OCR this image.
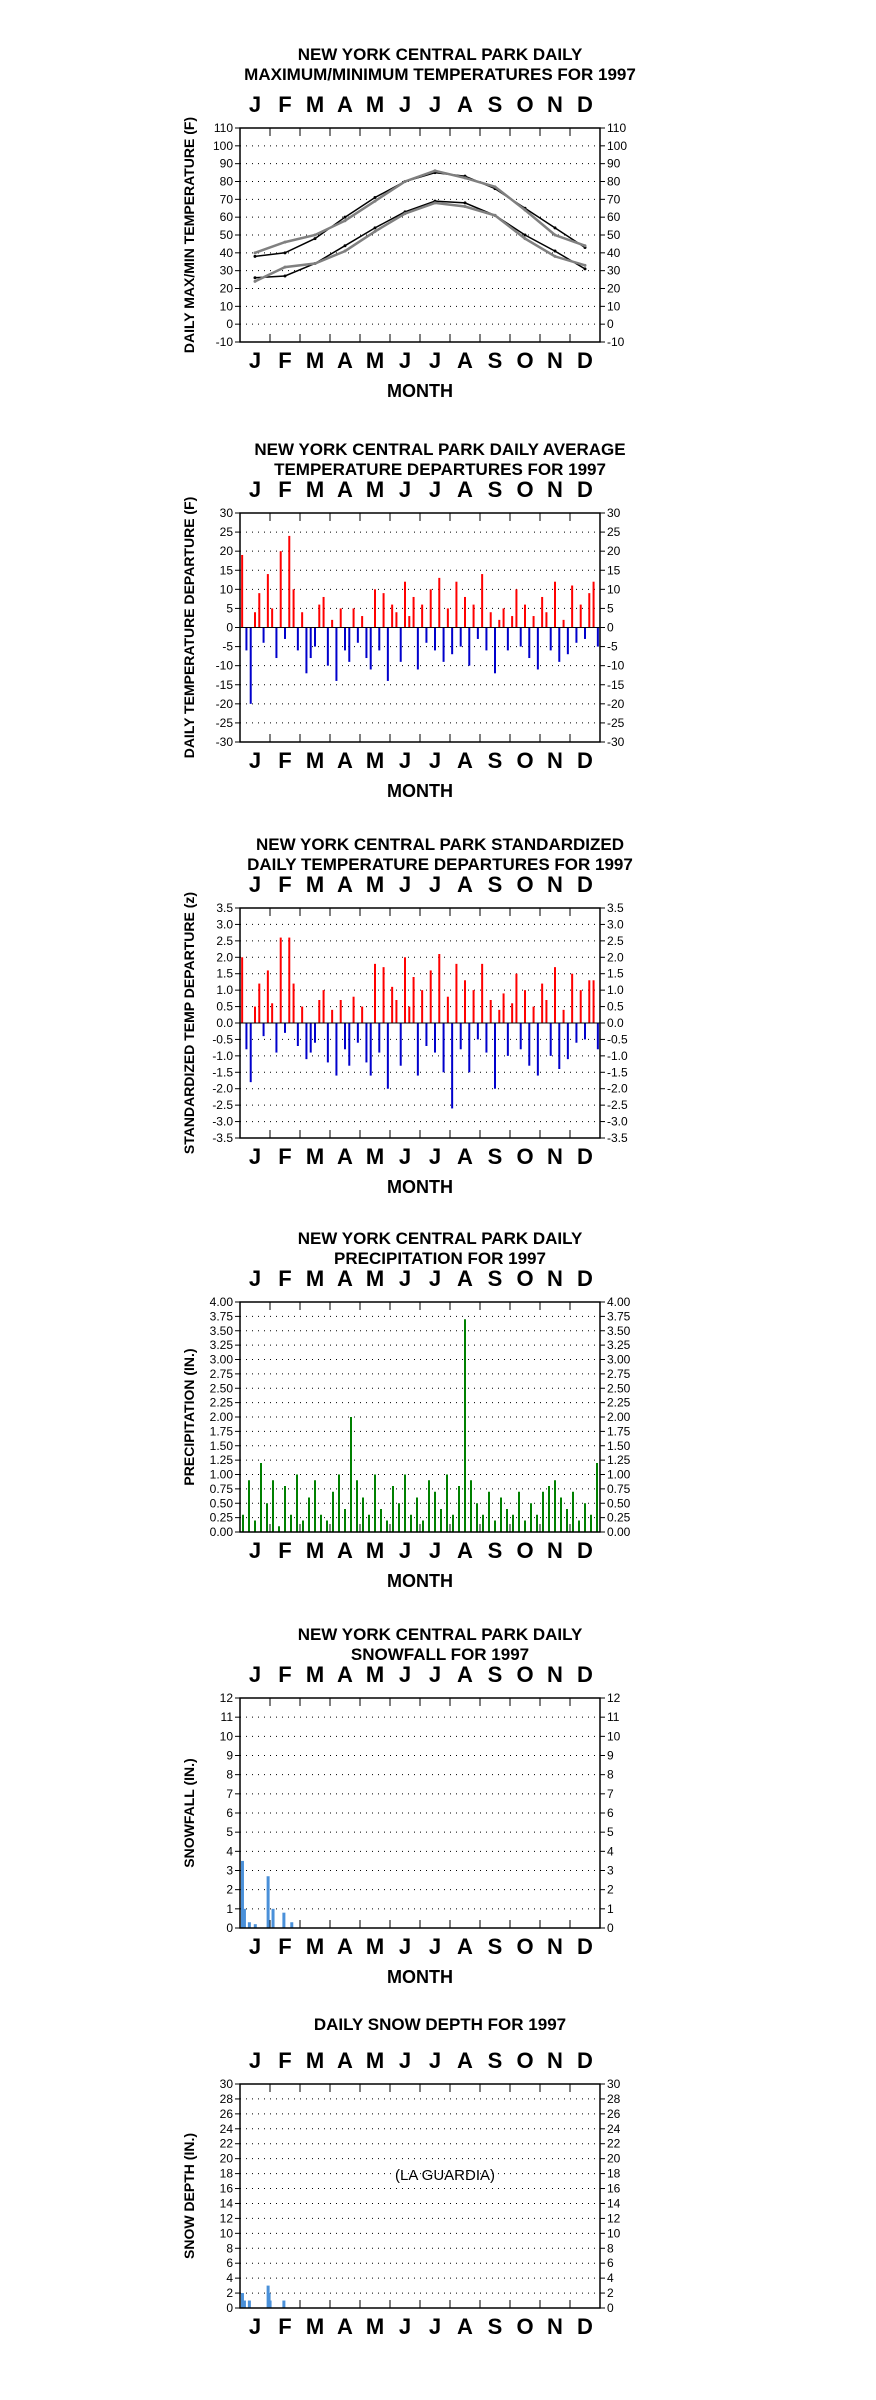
NEW YORK CENTRAL PARK DAILY
MAXIMUM/MINIMUM TEMPERATURES FOR 1997
J
J
F
F
M
M
A
A
M
M
J
J
J
J
A
A
S
S
O
O
N
N
D
D
MONTH
DAILY MAX/MIN TEMPERATURE (F) -10	-10
0	0
10	10
20	20
30	30
40	40
50	50
60	60
70	70
80	80
90	90
100	100
110	110
NEW YORK CENTRAL PARK DAILY AVERAGE
TEMPERATURE DEPARTURES FOR 1997
J
J
F
F
M
M
A
A
M
M
J
J
J
J
A
A
S
S
O
O
N
N
D
D
MONTH
DAILY TEMPERATURE DEPARTURE (F) -30	-30
-25	-25
-20	-20
-15	-15
-10	-10
-5	-5
0	0
5	5
10	10
15	15
20	20
25	25
30	30
NEW YORK CENTRAL PARK STANDARDIZED
DAILY TEMPERATURE DEPARTURES FOR 1997
J
J
F
F
M
M
A
A
M
M
J
J
J
J
A
A
S
S
O
O
N
N
D
D
MONTH
STANDARDIZED TEMP DEPARTURE (z) -3.5	-3.5
-3.0	-3.0
-2.5	-2.5
-2.0	-2.0
-1.5	-1.5
-1.0	-1.0
-0.5	-0.5
0.0	0.0
0.5	0.5
1.0	1.0
1.5	1.5
2.0	2.0
2.5	2.5
3.0	3.0
3.5	3.5
NEW YORK CENTRAL PARK DAILY
PRECIPITATION FOR 1997
J
J
F
F
M
M
A
A
M
M
J
J
J
J
A
A
S
S
O
O
N
N
D
D
MONTH
PRECIPITATION (IN.)
0.00	0.00
0.25	0.25
0.50	0.50
0.75	0.75
1.00	1.00
1.25	1.25
1.50	1.50
1.75	1.75
2.00	2.00
2.25	2.25
2.50	2.50
2.75	2.75
3.00	3.00
3.25	3.25
3.50	3.50
3.75	3.75
4.00	4.00
NEW YORK CENTRAL PARK DAILY
SNOWFALL FOR 1997
J
J
F
F
M
M
A
A
M
M
J
J
J
J
A
A
S
S
O
O
N
N
D
D
MONTH
SNOWFALL (IN.)
0	0
1	1
2	2
3	3
4	4
5	5
6	6
7	7
8	8
9	9
10	10
11	11
12	12
DAILY SNOW DEPTH FOR 1997
J
J
F
F
M
M
A
A
M
M
J
J
J
J
A
A
S
S
O
O
N
N
D
D
SNOW DEPTH (IN.)
0	0
2	2
4	4
6	6
8	8
10	10
12	12
14	14
16	16
18	18
20	20
22	22
24	24
26	26
28	28
30	30
(LA GUARDIA)
